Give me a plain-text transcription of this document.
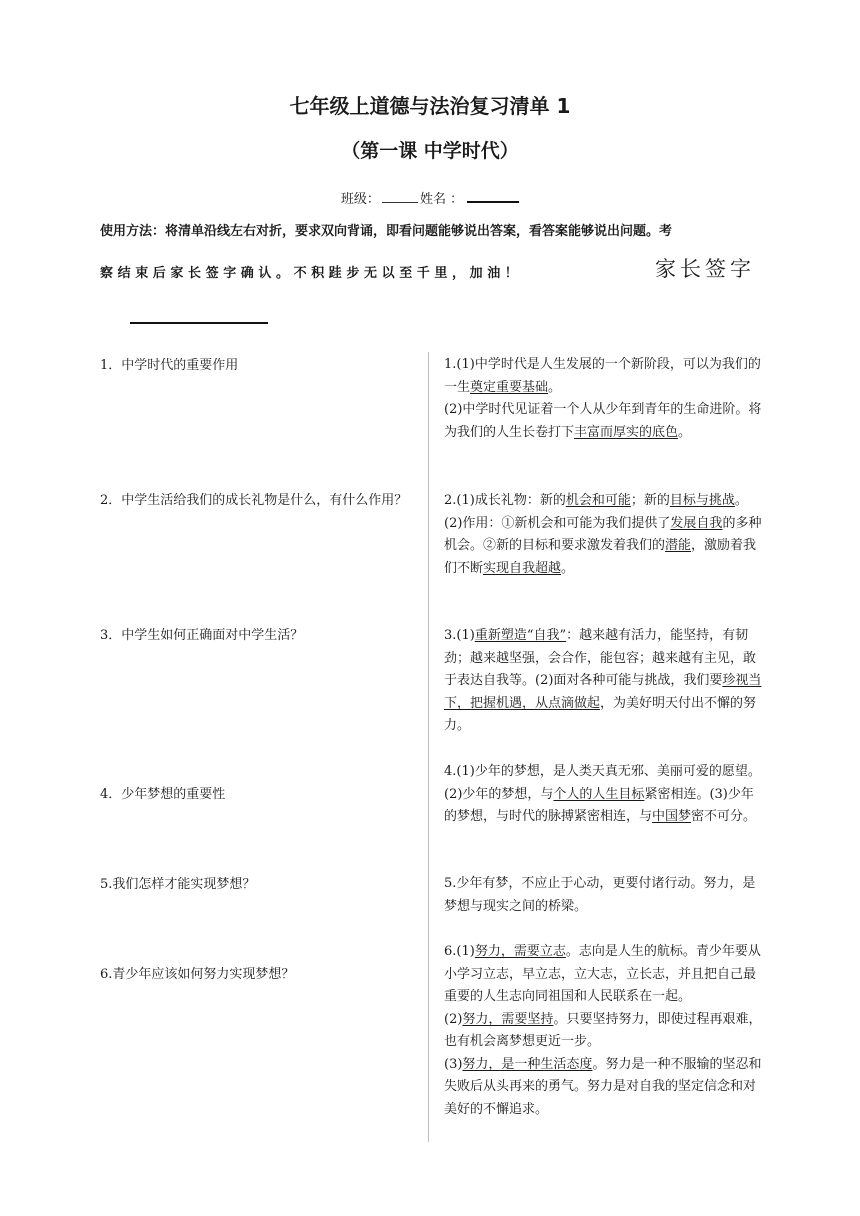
七年级上道德与法治复习清单 1
（第一课 中学时代）
班级：	姓名 ：
使用方法：将清单沿线左右对折，要求双向背诵，即看问题能够说出答案，看答案能够说出问题。考
察结束后家长签字确认。不积跬步无以至千里，加油！	家长签字
1．中学时代的重要作用
2．中学生活给我们的成长礼物是什么，有什么作用？
3．中学生如何正确面对中学生活？
4．少年梦想的重要性
5.我们怎样才能实现梦想？
6.青少年应该如何努力实现梦想？

1.(1)中学时代是人生发展的一个新阶段，可以为我们的一生奠定重要基础。

(2)中学时代见证着一个人从少年到青年的生命进阶。将为我们的人生长卷打下丰富而厚实的底色。

2.(1)成长礼物：新的机会和可能；新的目标与挑战。

(2)作用：①新机会和可能为我们提供了发展自我的多种机会。②新的目标和要求激发着我们的潜能，激励着我们不断实现自我超越。

3.(1)重新塑造“自我”：越来越有活力，能坚持，有韧劲；越来越坚强，会合作，能包容；越来越有主见，敢于表达自我等。(2)面对各种可能与挑战，我们要珍视当下，把握机遇，从点滴做起，为美好明天付出不懈的努力。

4.(1)少年的梦想，是人类天真无邪、美丽可爱的愿望。(2)少年的梦想，与个人的人生目标紧密相连。(3)少年的梦想，与时代的脉搏紧密相连，与中国梦密不可分。

5.少年有梦，不应止于心动，更要付诸行动。努力，是梦想与现实之间的桥梁。

6.(1)努力，需要立志。志向是人生的航标。青少年要从小学习立志，早立志，立大志，立长志，并且把自己最重要的人生志向同祖国和人民联系在一起。

(2)努力，需要坚持。只要坚持努力，即使过程再艰难，也有机会离梦想更近一步。

(3)努力，是一种生活态度。努力是一种不服输的坚忍和失败后从头再来的勇气。努力是对自我的坚定信念和对美好的不懈追求。
